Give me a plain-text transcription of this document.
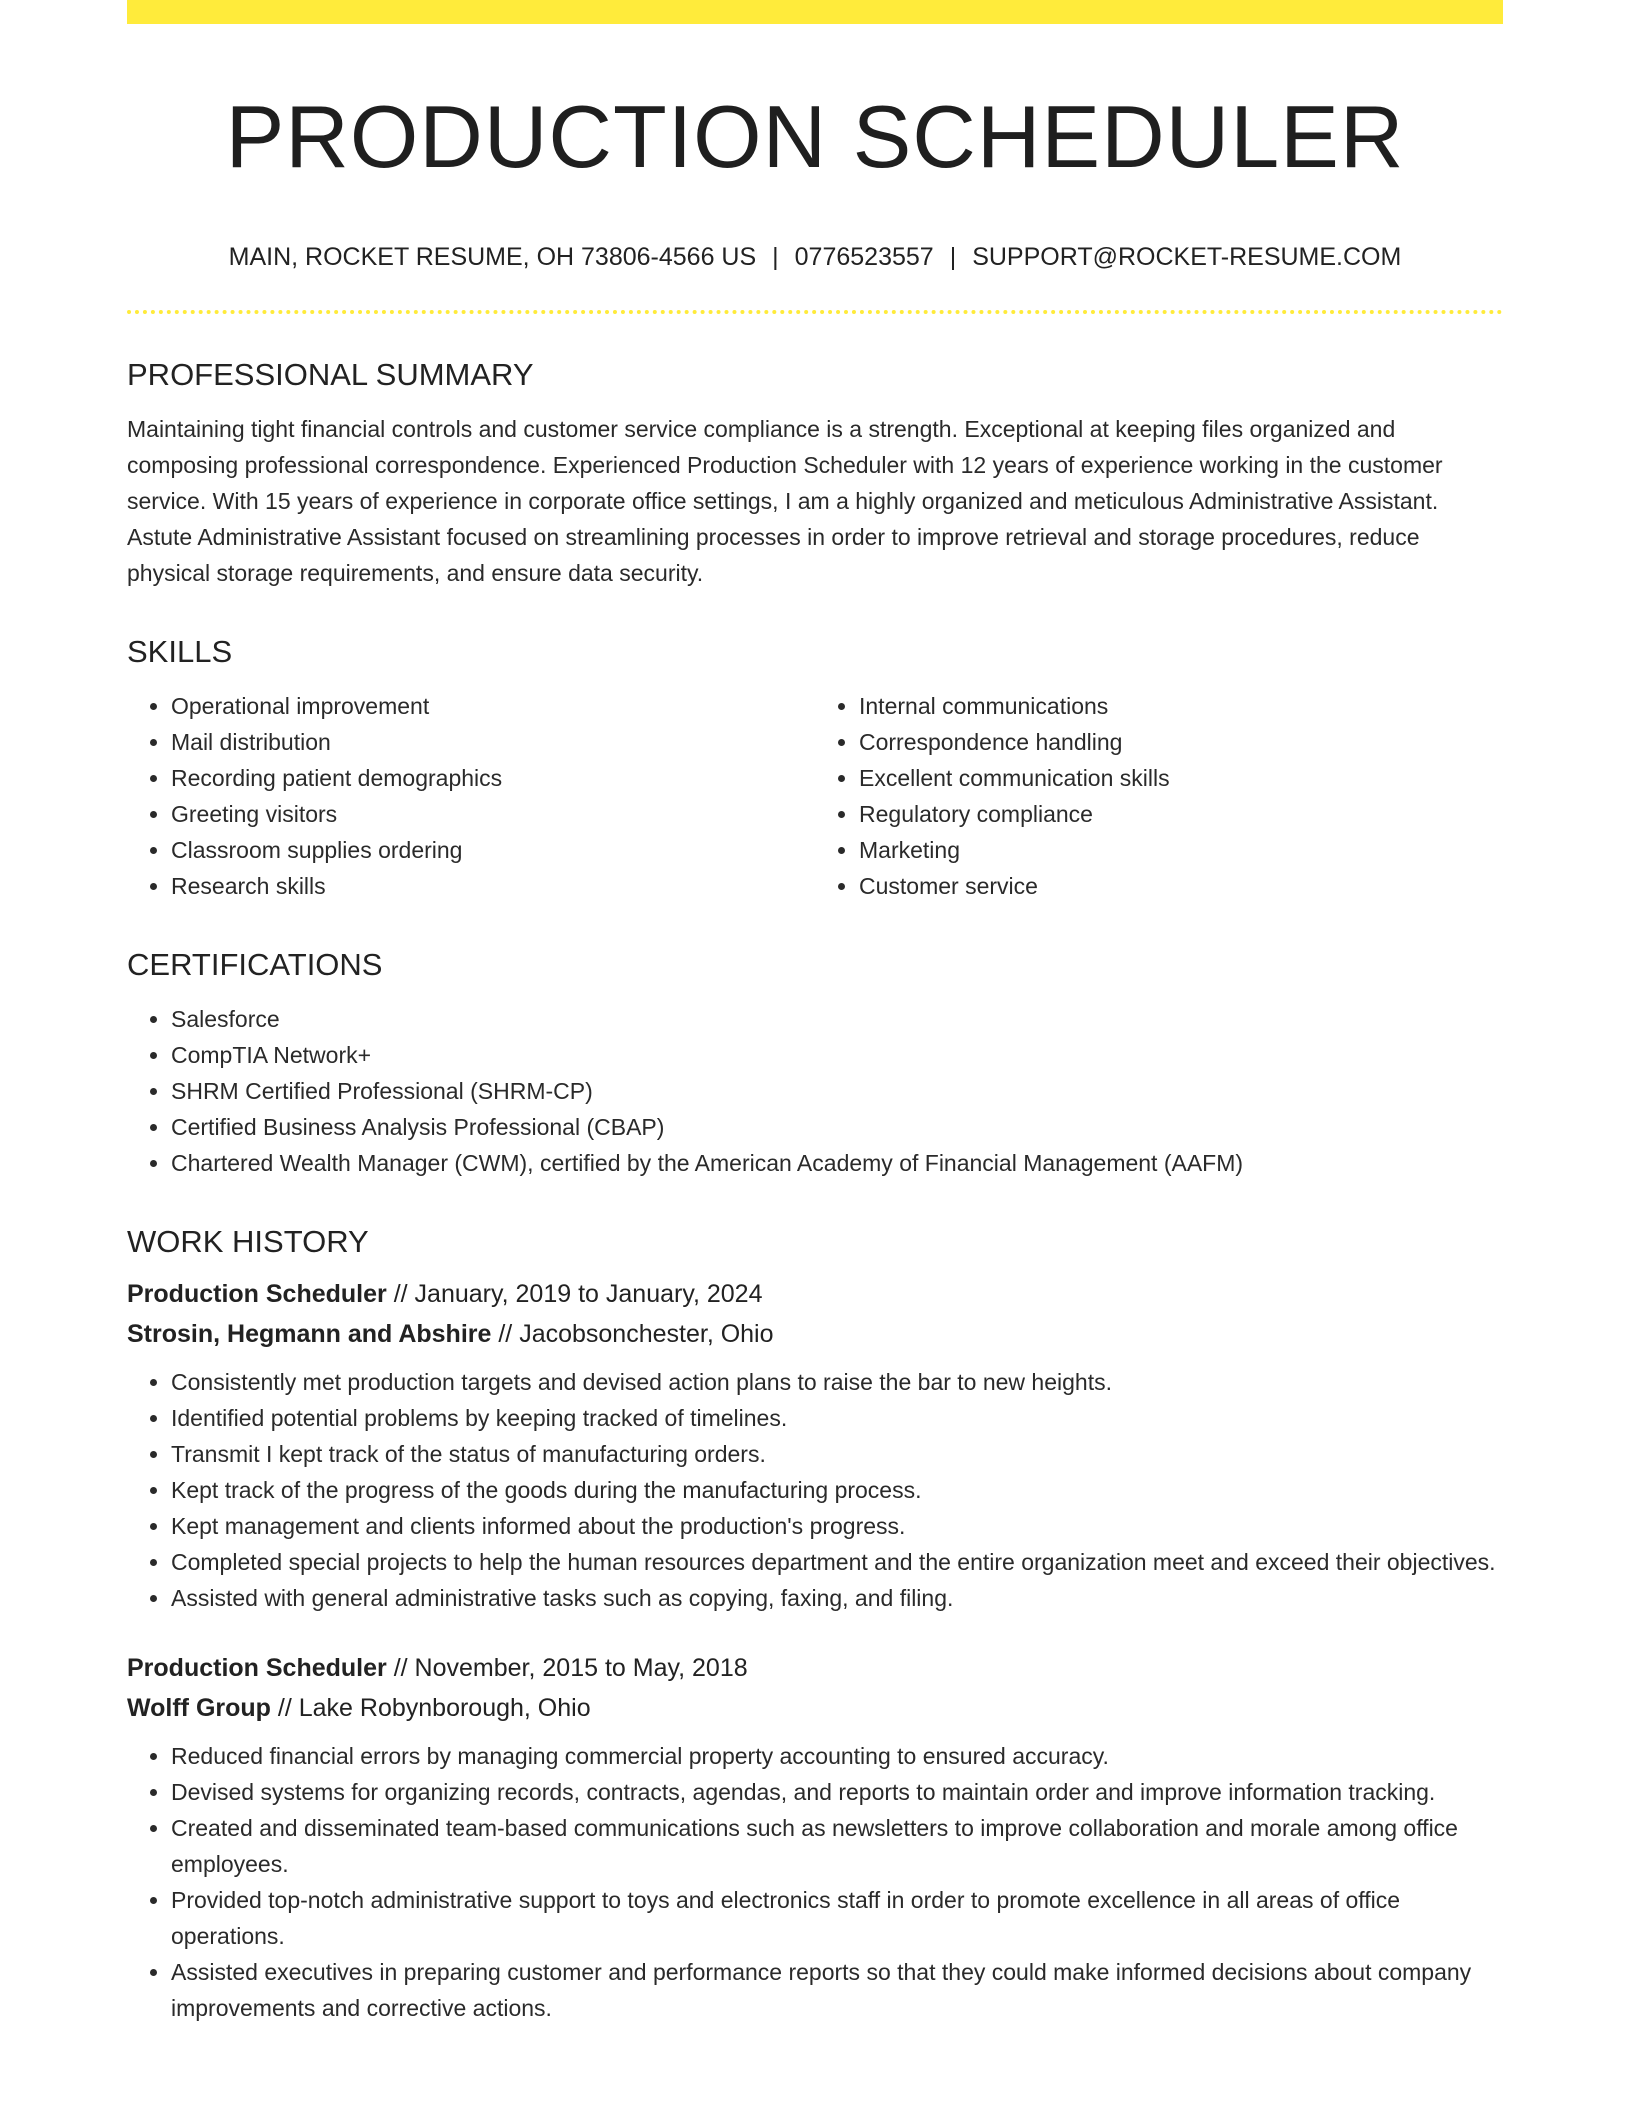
PRODUCTION SCHEDULER
MAIN, ROCKET RESUME, OH 73806-4566 US | 0776523557 | SUPPORT@ROCKET-RESUME.COM
PROFESSIONAL SUMMARY

Maintaining tight financial controls and customer service compliance is a strength. Exceptional at keeping files organized and composing professional correspondence. Experienced Production Scheduler with 12 years of experience working in the customer service. With 15 years of experience in corporate office settings, I am a highly organized and meticulous Administrative Assistant. Astute Administrative Assistant focused on streamlining processes in order to improve retrieval and storage procedures, reduce physical storage requirements, and ensure data security.

SKILLS
• Operational improvement
• Mail distribution
• Recording patient demographics
• Greeting visitors
• Classroom supplies ordering
• Research skills
• Internal communications
• Correspondence handling
• Excellent communication skills
• Regulatory compliance
• Marketing
• Customer service
CERTIFICATIONS
• Salesforce
• CompTIA Network+
• SHRM Certified Professional (SHRM-CP)
• Certified Business Analysis Professional (CBAP)
• Chartered Wealth Manager (CWM), certified by the American Academy of Financial Management (AAFM)
WORK HISTORY
Production Scheduler // January, 2019 to January, 2024
Strosin, Hegmann and Abshire // Jacobsonchester, Ohio
• Consistently met production targets and devised action plans to raise the bar to new heights.
• Identified potential problems by keeping tracked of timelines.
• Transmit I kept track of the status of manufacturing orders.
• Kept track of the progress of the goods during the manufacturing process.
• Kept management and clients informed about the production's progress.
• Completed special projects to help the human resources department and the entire organization meet and exceed their objectives.
• Assisted with general administrative tasks such as copying, faxing, and filing.
Production Scheduler // November, 2015 to May, 2018
Wolff Group // Lake Robynborough, Ohio
• Reduced financial errors by managing commercial property accounting to ensured accuracy.
• Devised systems for organizing records, contracts, agendas, and reports to maintain order and improve information tracking.
• Created and disseminated team-based communications such as newsletters to improve collaboration and morale among office employees.
• Provided top-notch administrative support to toys and electronics staff in order to promote excellence in all areas of office operations.
• Assisted executives in preparing customer and performance reports so that they could make informed decisions about company improvements and corrective actions.
